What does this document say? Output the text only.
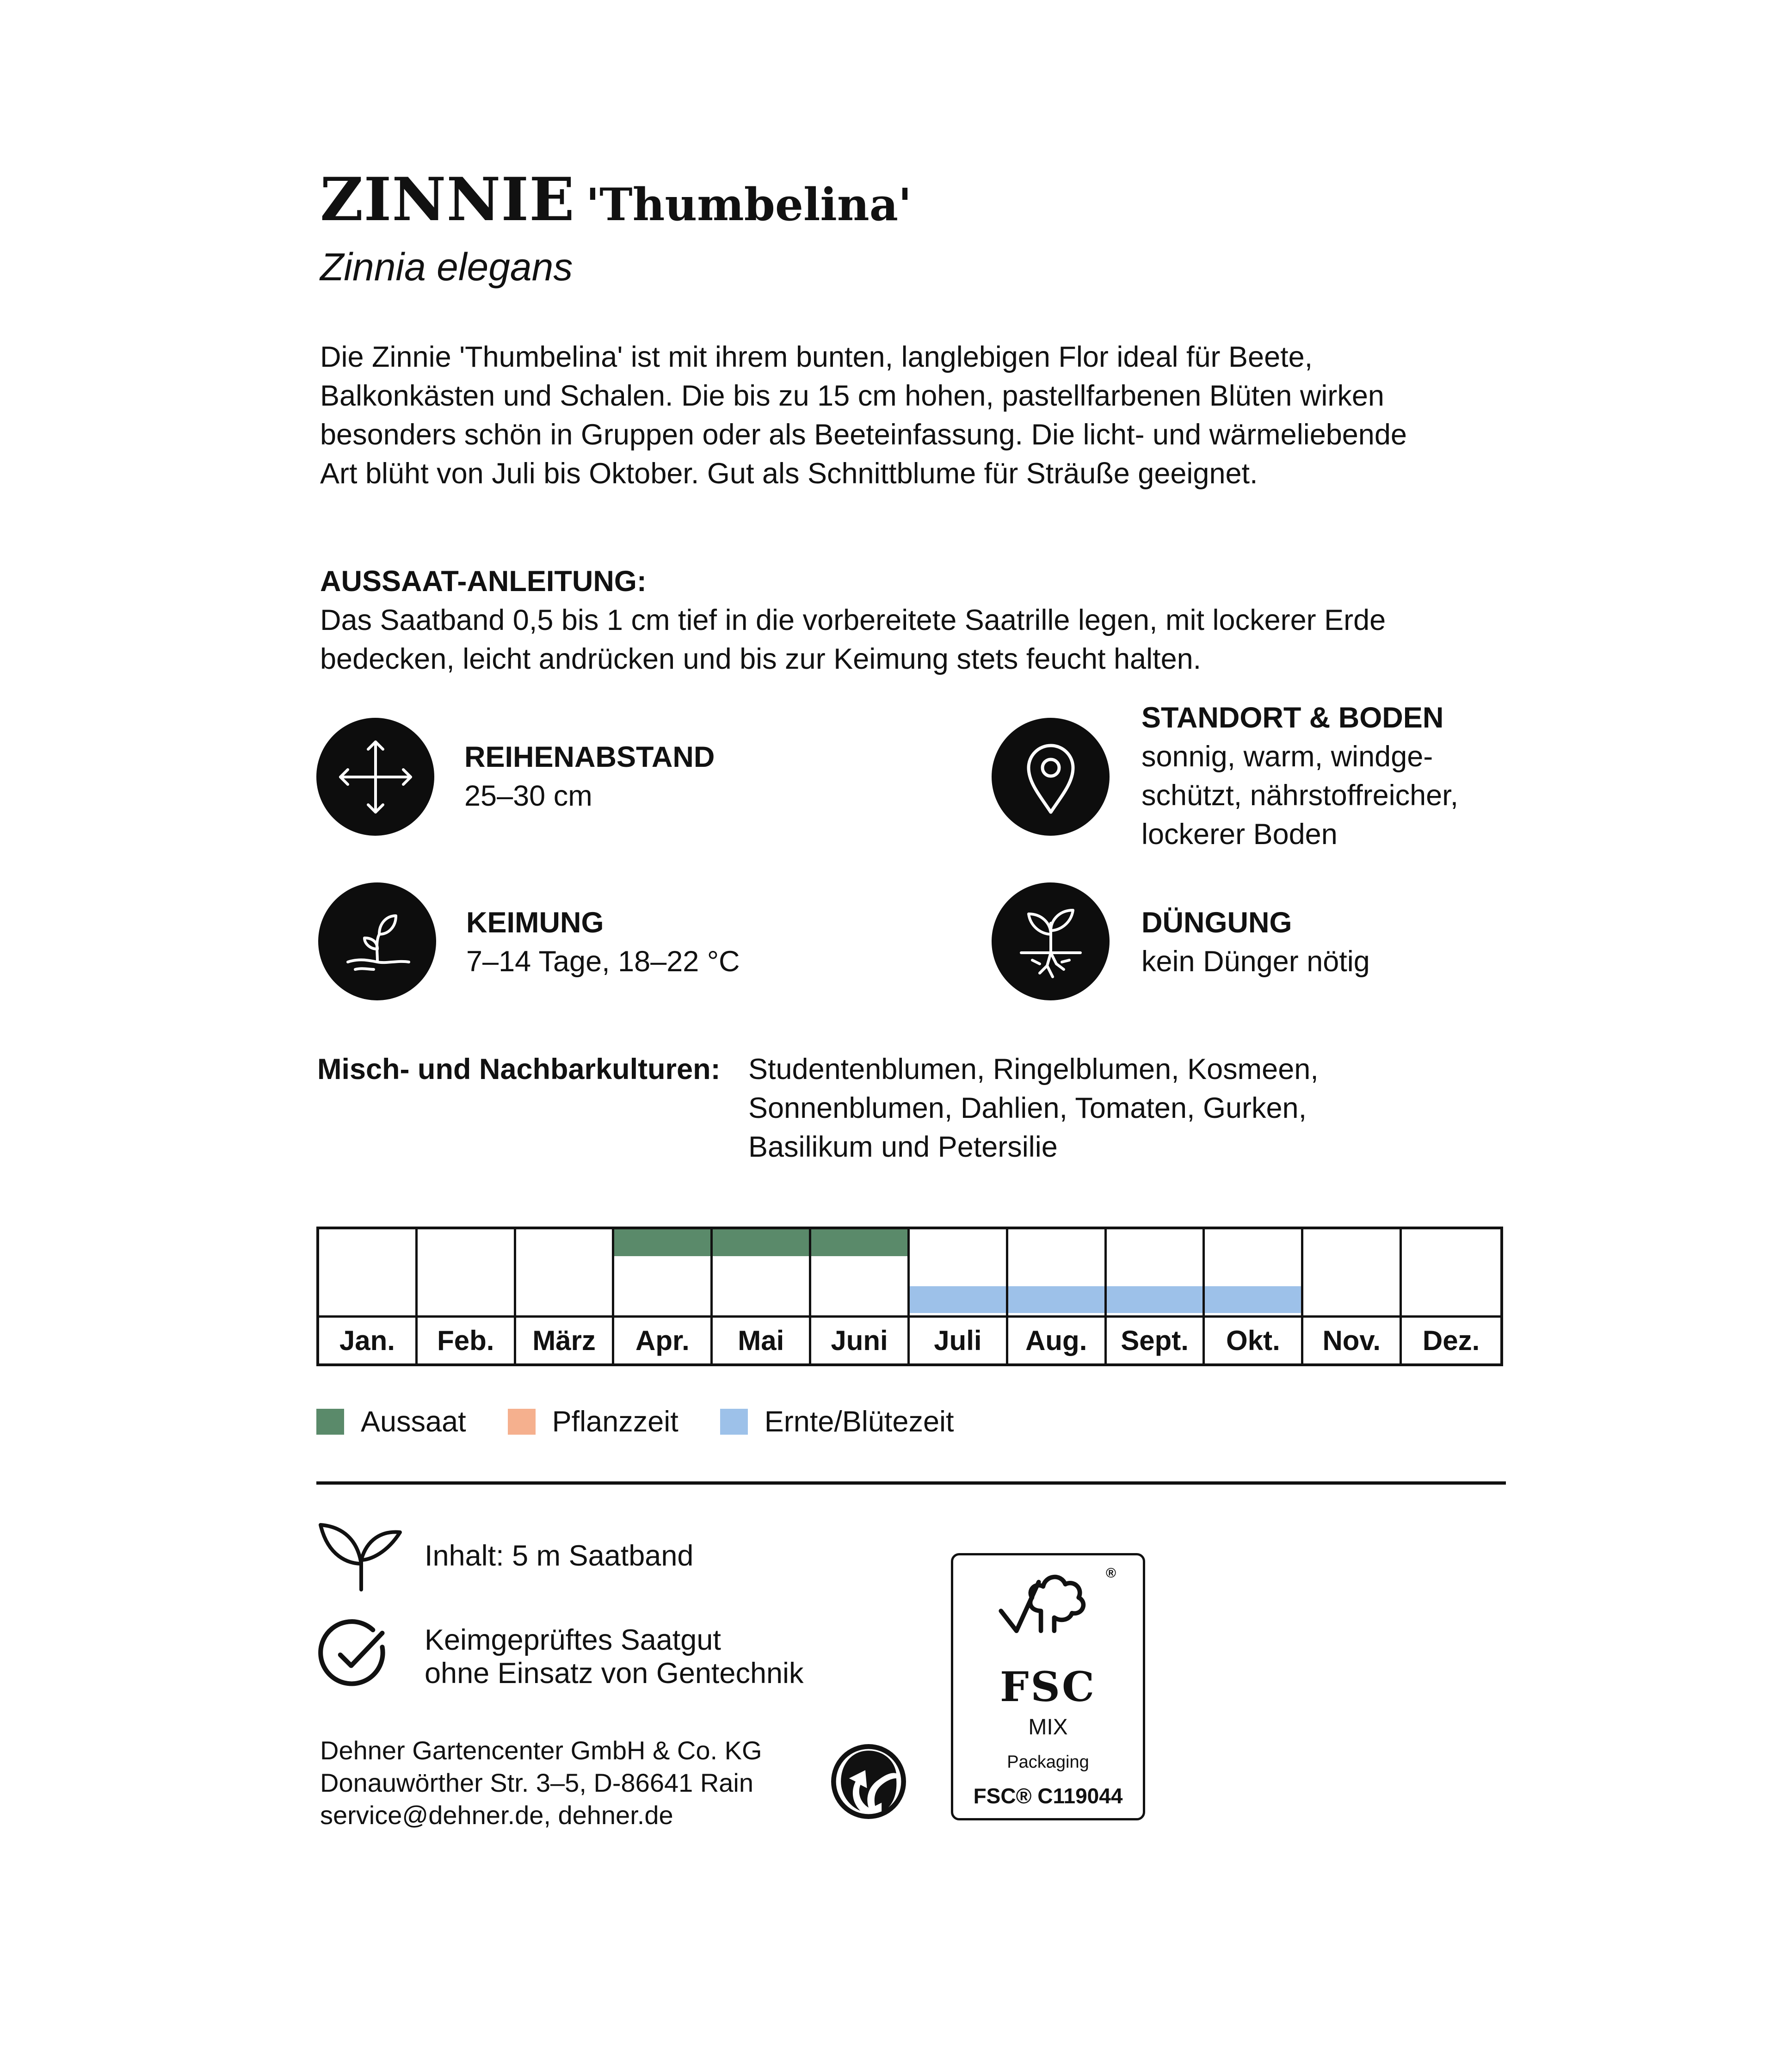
ZINNIE 'Thumbelina'
Zinnia elegans
Die Zinnie 'Thumbelina' ist mit ihrem bunten, langlebigen Flor ideal für Beete,
Balkonkästen und Schalen. Die bis zu 15 cm hohen, pastellfarbenen Blüten wirken
besonders schön in Gruppen oder als Beeteinfassung. Die licht- und wärmeliebende
Art blüht von Juli bis Oktober. Gut als Schnittblume für Sträuße geeignet.
AUSSAAT-ANLEITUNG:
Das Saatband 0,5 bis 1 cm tief in die vorbereitete Saatrille legen, mit lockerer Erde
bedecken, leicht andrücken und bis zur Keimung stets feucht halten.
REIHENABSTAND
25–30 cm
STANDORT & BODEN
sonnig, warm, windge-
schützt, nährstoffreicher,
lockerer Boden
KEIMUNG
7–14 Tage, 18–22 °C
DÜNGUNG
kein Dünger nötig
Misch- und Nachbarkulturen: Studentenblumen, Ringelblumen, Kosmeen,
Sonnenblumen, Dahlien, Tomaten, Gurken,
Basilikum und Petersilie
Jan.	Feb.	März	Apr.	Mai	Juni	Juli	Aug.	Sept.	Okt.	Nov.	Dez.
Aussaat	Pflanzzeit	Ernte/Blütezeit
Inhalt: 5 m Saatband
Keimgeprüftes Saatgut
ohne Einsatz von Gentechnik
Dehner Gartencenter GmbH & Co. KG
Donauwörther Str. 3–5, D-86641 Rain
service@dehner.de, dehner.de
®
FSC
MIX
Packaging
FSC® C119044
